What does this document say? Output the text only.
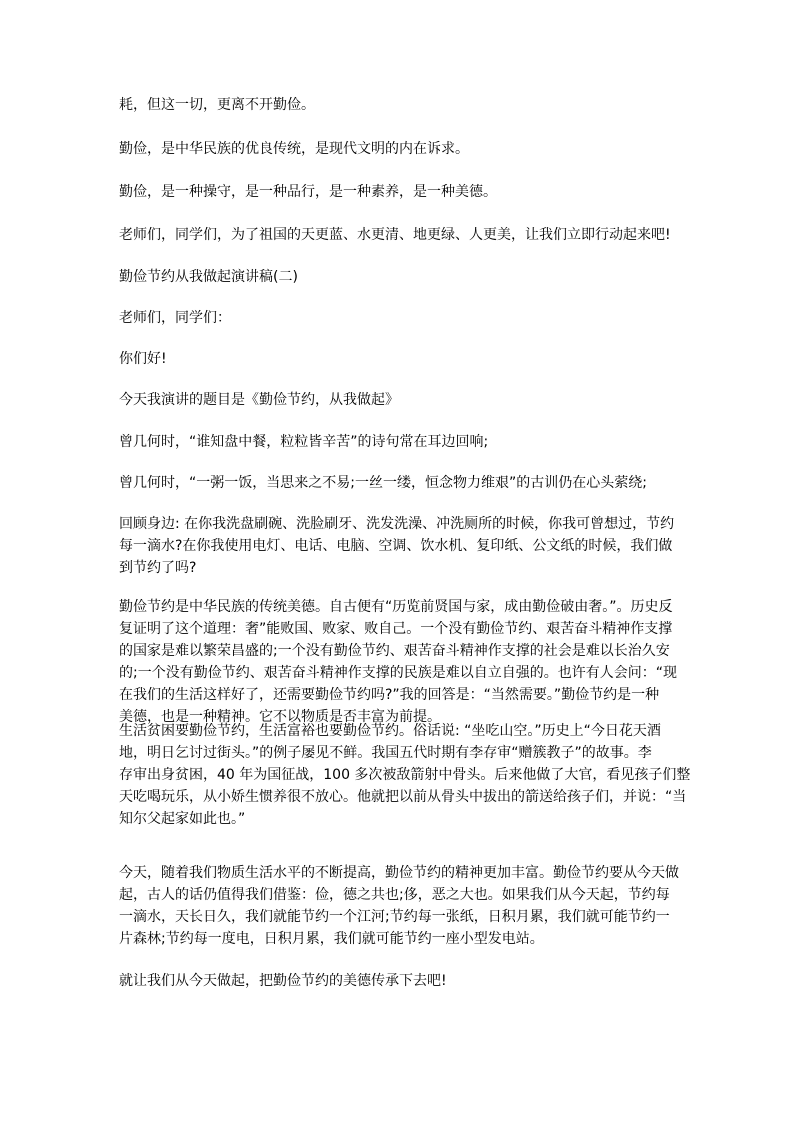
耗，但这一切，更离不开勤俭。

勤俭，是中华民族的优良传统，是现代文明的内在诉求。

勤俭，是一种操守，是一种品行，是一种素养，是一种美德。

老师们，同学们，为了祖国的天更蓝、水更清、地更绿、人更美，让我们立即行动起来吧!

勤俭节约从我做起演讲稿(二)

老师们，同学们：

你们好!

今天我演讲的题目是《勤俭节约，从我做起》

曾几何时，“谁知盘中餐，粒粒皆辛苦”的诗句常在耳边回响;

曾几何时，“一粥一饭，当思来之不易;一丝一缕，恒念物力维艰”的古训仍在心头萦绕;

回顾身边: 在你我洗盘刷碗、洗脸刷牙、洗发洗澡、冲洗厕所的时候，你我可曾想过，节约
每一滴水?在你我使用电灯、电话、电脑、空调、饮水机、复印纸、公文纸的时候，我们做
到节约了吗?

勤俭节约是中华民族的传统美德。自古便有“历览前贤国与家，成由勤俭破由奢。”。历史反
复证明了这个道理：奢”能败国、败家、败自己。一个没有勤俭节约、艰苦奋斗精神作支撑
的国家是难以繁荣昌盛的;一个没有勤俭节约、艰苦奋斗精神作支撑的社会是难以长治久安
的;一个没有勤俭节约、艰苦奋斗精神作支撑的民族是难以自立自强的。也许有人会问：“现
在我们的生活这样好了，还需要勤俭节约吗?”我的回答是：“当然需要。”勤俭节约是一种
美德，也是一种精神。它不以物质是否丰富为前提。

生活贫困要勤俭节约，生活富裕也要勤俭节约。俗话说: “坐吃山空。”历史上“今日花天酒
地，明日乞讨过街头。”的例子屡见不鲜。我国五代时期有李存审“赠簇教子”的故事。李
存审出身贫困，40 年为国征战，100 多次被敌箭射中骨头。后来他做了大官，看见孩子们整
天吃喝玩乐，从小娇生惯养很不放心。他就把以前从骨头中拔出的箭送给孩子们，并说：“当
知尔父起家如此也。”

今天，随着我们物质生活水平的不断提高，勤俭节约的精神更加丰富。勤俭节约要从今天做
起，古人的话仍值得我们借鉴：俭，德之共也;侈，恶之大也。如果我们从今天起，节约每
一滴水，天长日久，我们就能节约一个江河;节约每一张纸，日积月累，我们就可能节约一
片森林;节约每一度电，日积月累，我们就可能节约一座小型发电站。

就让我们从今天做起，把勤俭节约的美德传承下去吧!
